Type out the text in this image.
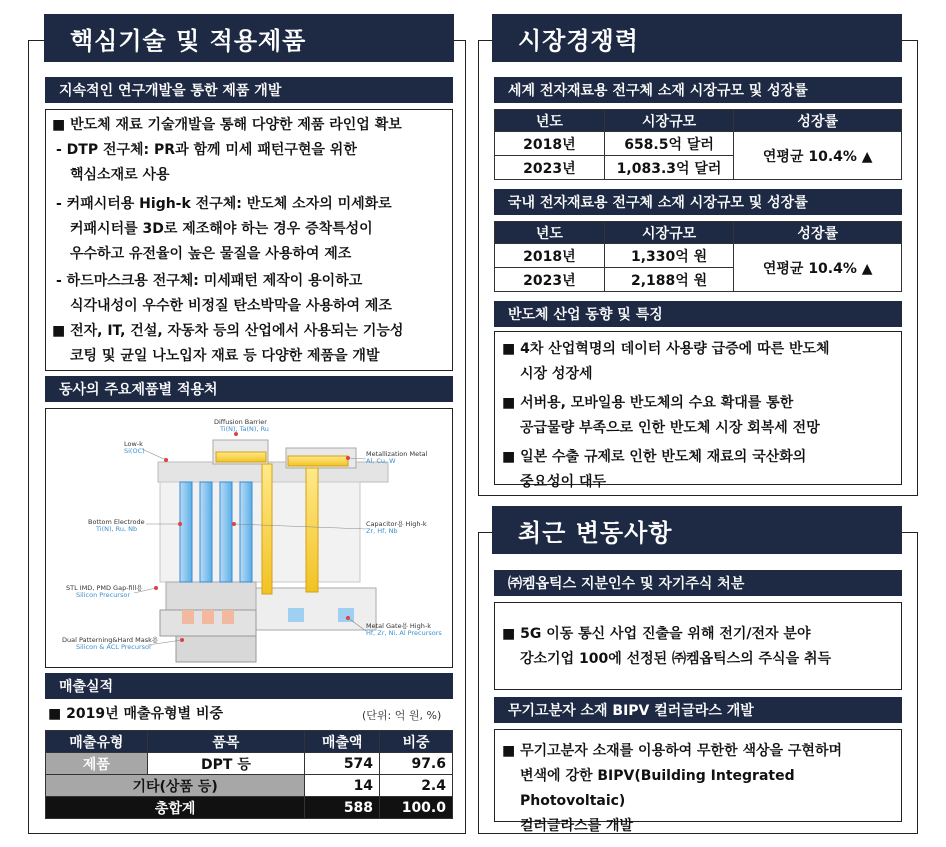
핵심기술 및 적용제품
지속적인 연구개발을 통한 제품 개발
■ 반도체 재료 기술개발을 통해 다양한 제품 라인업 확보
- DTP 전구체: PR과 함께 미세 패턴구현을 위한
핵심소재로 사용
- 커패시터용 High-k 전구체: 반도체 소자의 미세화로
커패시터를 3D로 제조해야 하는 경우 증착특성이
우수하고 유전율이 높은 물질을 사용하여 제조
- 하드마스크용 전구체: 미세패턴 제작이 용이하고
식각내성이 우수한 비정질 탄소박막을 사용하여 제조
■ 전자, IT, 건설, 자동차 등의 산업에서 사용되는 기능성
코팅 및 균일 나노입자 재료 등 다양한 제품을 개발
동사의 주요제품별 적용처
Diffusion Barrier
Ti(N), Ta(N), Ru
Low-k
Si(OC)	Metallization Metal
Al, Cu, W
Bottom Electrode
Ti(N), Ru, Nb
Capacitor용 High-k
Zr, Hf, Nb
STL IMD, PMD Gap-fill용
Silicon Precursor
Metal Gate용 High-k
Hf, Zr, Ni, Al Precursors
Dual Patterning&Hard Mask용
Silicon & ACL Precursor
매출실적
■ 2019년 매출유형별 비중	(단위: 억 원, %)
매출유형	품목	매출액	비중
제품	DPT 등	574	97.6
기타(상품 등)		14	2.4
총합계		588	100.0
시장경쟁력
세계 전자재료용 전구체 소재 시장규모 및 성장률
년도	시장규모	성장률
2018년	658.5억 달러	연평균 10.4% ▲
2023년	1,083.3억 달러	
국내 전자재료용 전구체 소재 시장규모 및 성장률
년도	시장규모	성장률
2018년	1,330억 원	연평균 10.4% ▲
2023년	2,188억 원	
반도체 산업 동향 및 특징
■ 4차 산업혁명의 데이터 사용량 급증에 따른 반도체
시장 성장세
■ 서버용, 모바일용 반도체의 수요 확대를 통한
공급물량 부족으로 인한 반도체 시장 회복세 전망
■ 일본 수출 규제로 인한 반도체 재료의 국산화의
중요성이 대두
최근 변동사항
㈜켐옵틱스 지분인수 및 자기주식 처분
■ 5G 이동 통신 사업 진출을 위해 전기/전자 분야
강소기업 100에 선정된 ㈜켐옵틱스의 주식을 취득
무기고분자 소재 BIPV 컬러글라스 개발
■ 무기고분자 소재를 이용하여 무한한 색상을 구현하며
변색에 강한 BIPV(Building Integrated Photovoltaic)
컬러글라스를 개발
